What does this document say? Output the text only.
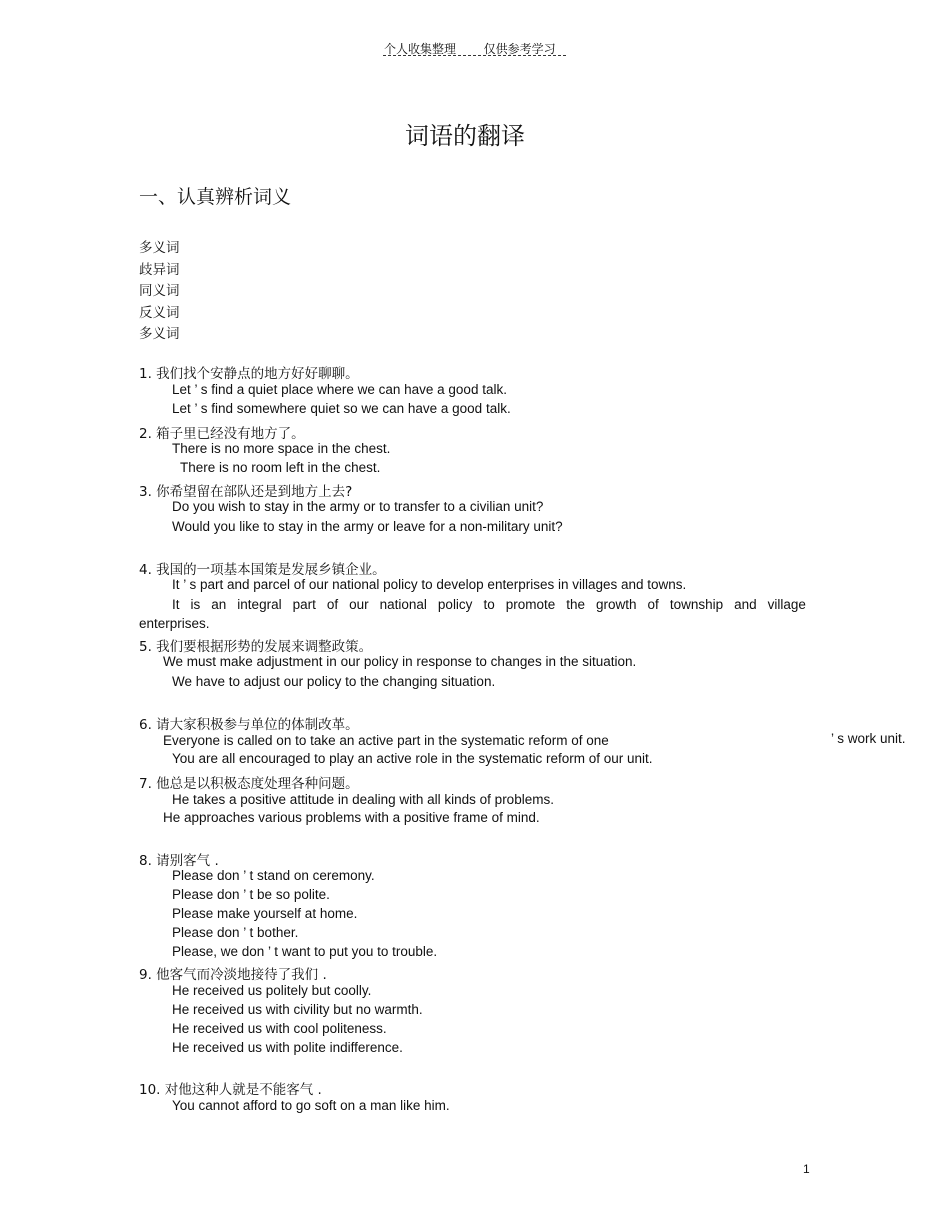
个人收集整理 仅供参考学习
词语的翻译
一、认真辨析词义
多义词
歧异词
同义词
反义词
多义词
1. 我们找个安静点的地方好好聊聊。
Let ’ s find a quiet place where we can have a good talk.
Let ’ s find somewhere quiet so we can have a good talk.
2. 箱子里已经没有地方了。
There is no more space in the chest.
There is no room left in the chest.
3. 你希望留在部队还是到地方上去?
Do you wish to stay in the army or to transfer to a civilian unit?
Would you like to stay in the army or leave for a non-military unit?
4. 我国的一项基本国策是发展乡镇企业。
It ’ s part and parcel of our national policy to develop enterprises in villages and towns.
It is an integral part of our national policy to promote the growth of township and village
enterprises.
5. 我们要根据形势的发展来调整政策。
We must make adjustment in our policy in response to changes in the situation.
We have to adjust our policy to the changing situation.
6. 请大家积极参与单位的体制改革。
Everyone is called on to take an active part in the systematic reform of one	’ s work unit.
You are all encouraged to play an active role in the systematic reform of our unit.
7. 他总是以积极态度处理各种问题。
He takes a positive attitude in dealing with all kinds of problems.
He approaches various problems with a positive frame of mind.
8. 请别客气 .
Please don ’ t stand on ceremony.
Please don ’ t be so polite.
Please make yourself at home.
Please don ’ t bother.
Please, we don ’ t want to put you to trouble.
9. 他客气而冷淡地接待了我们 .
He received us politely but coolly.
He received us with civility but no warmth.
He received us with cool politeness.
He received us with polite indifference.
10. 对他这种人就是不能客气 .
You cannot afford to go soft on a man like him.
1
